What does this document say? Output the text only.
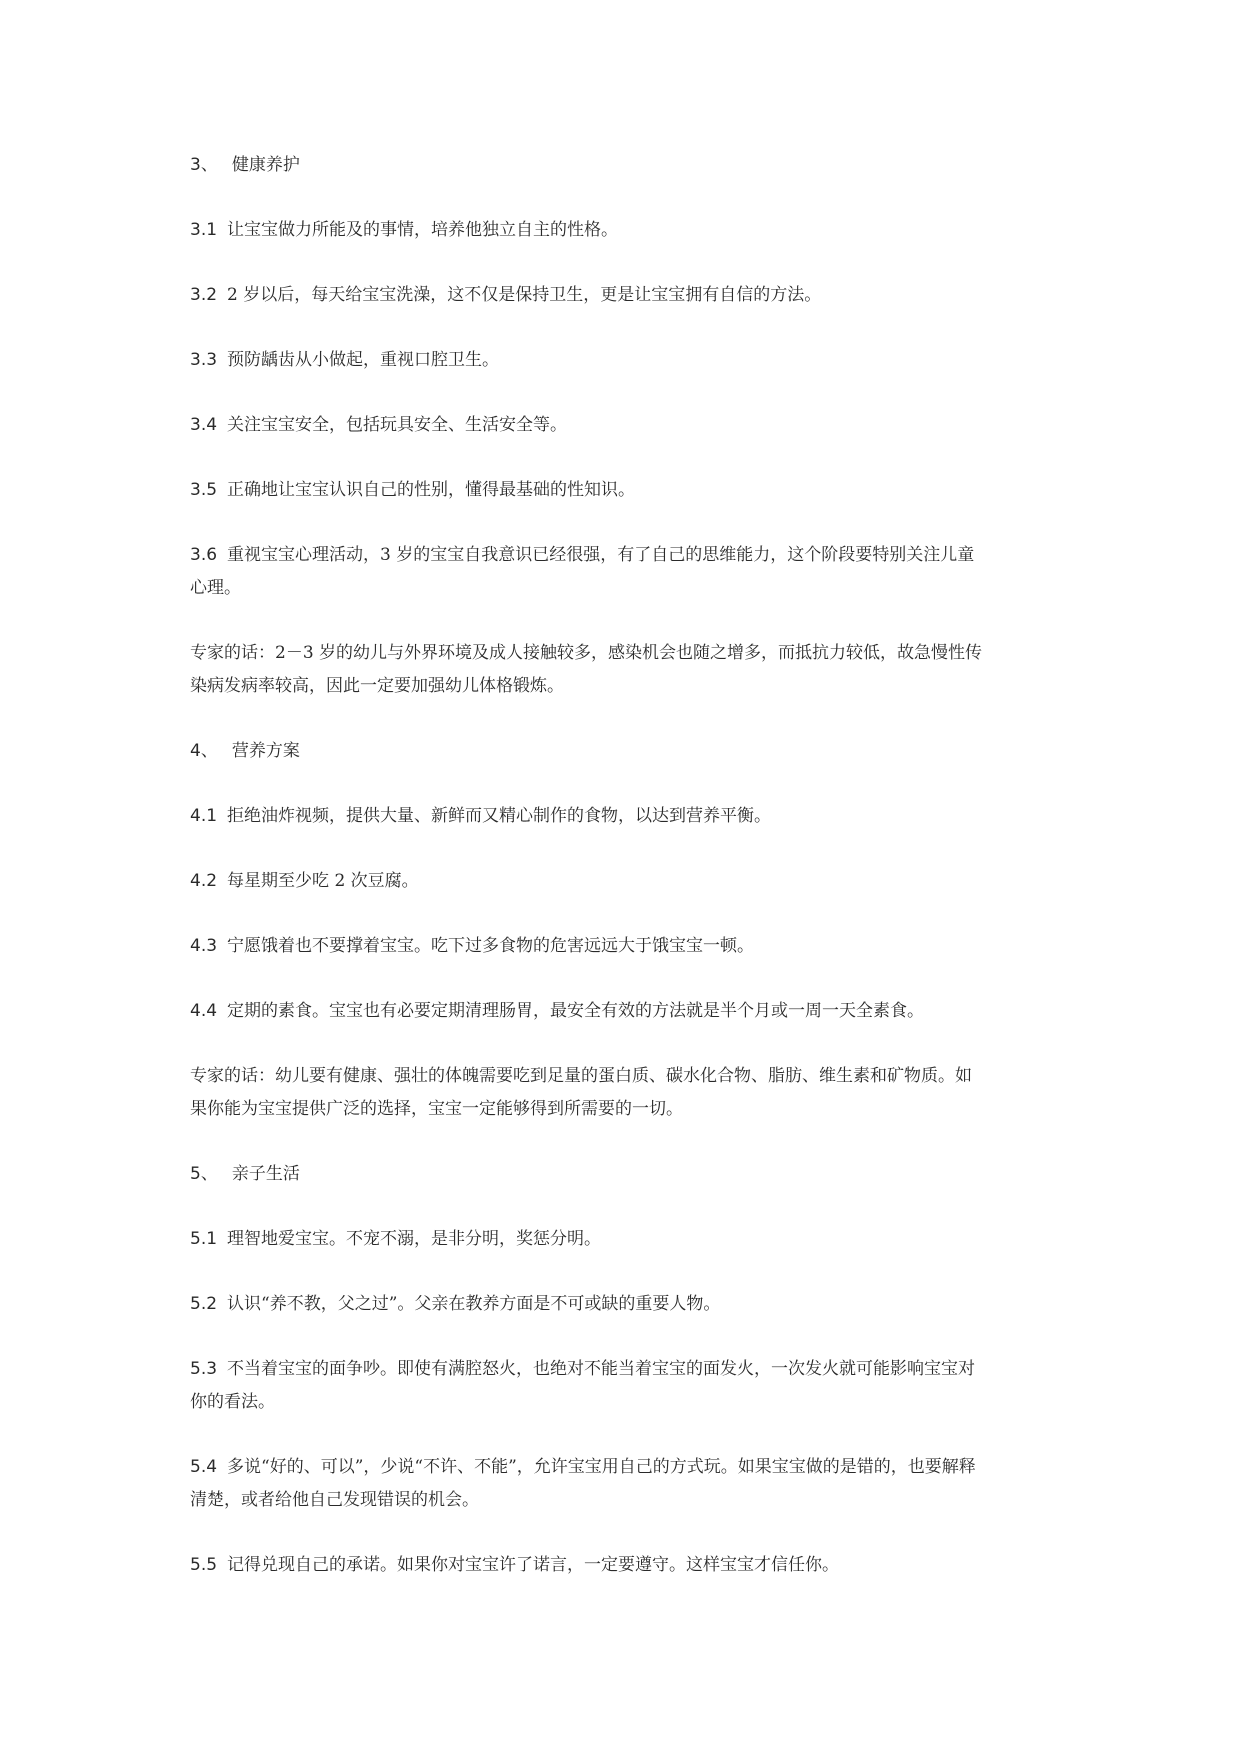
3、 健康养护
3.1 让宝宝做力所能及的事情，培养他独立自主的性格。
3.2 2 岁以后，每天给宝宝洗澡，这不仅是保持卫生，更是让宝宝拥有自信的方法。
3.3 预防龋齿从小做起，重视口腔卫生。
3.4 关注宝宝安全，包括玩具安全、生活安全等。
3.5 正确地让宝宝认识自己的性别，懂得最基础的性知识。
3.6 重视宝宝心理活动，3 岁的宝宝自我意识已经很强，有了自己的思维能力，这个阶段要特别关注儿童
心理。
专家的话：2－3 岁的幼儿与外界环境及成人接触较多，感染机会也随之增多，而抵抗力较低，故急慢性传
染病发病率较高，因此一定要加强幼儿体格锻炼。
4、 营养方案
4.1 拒绝油炸视频，提供大量、新鲜而又精心制作的食物，以达到营养平衡。
4.2 每星期至少吃 2 次豆腐。
4.3 宁愿饿着也不要撑着宝宝。吃下过多食物的危害远远大于饿宝宝一顿。
4.4 定期的素食。宝宝也有必要定期清理肠胃，最安全有效的方法就是半个月或一周一天全素食。
专家的话：幼儿要有健康、强壮的体魄需要吃到足量的蛋白质、碳水化合物、脂肪、维生素和矿物质。如
果你能为宝宝提供广泛的选择，宝宝一定能够得到所需要的一切。
5、 亲子生活
5.1 理智地爱宝宝。不宠不溺，是非分明，奖惩分明。
5.2 认识“养不教，父之过”。父亲在教养方面是不可或缺的重要人物。
5.3 不当着宝宝的面争吵。即使有满腔怒火，也绝对不能当着宝宝的面发火，一次发火就可能影响宝宝对
你的看法。
5.4 多说“好的、可以”，少说“不许、不能”，允许宝宝用自己的方式玩。如果宝宝做的是错的，也要解释
清楚，或者给他自己发现错误的机会。
5.5 记得兑现自己的承诺。如果你对宝宝许了诺言，一定要遵守。这样宝宝才信任你。
